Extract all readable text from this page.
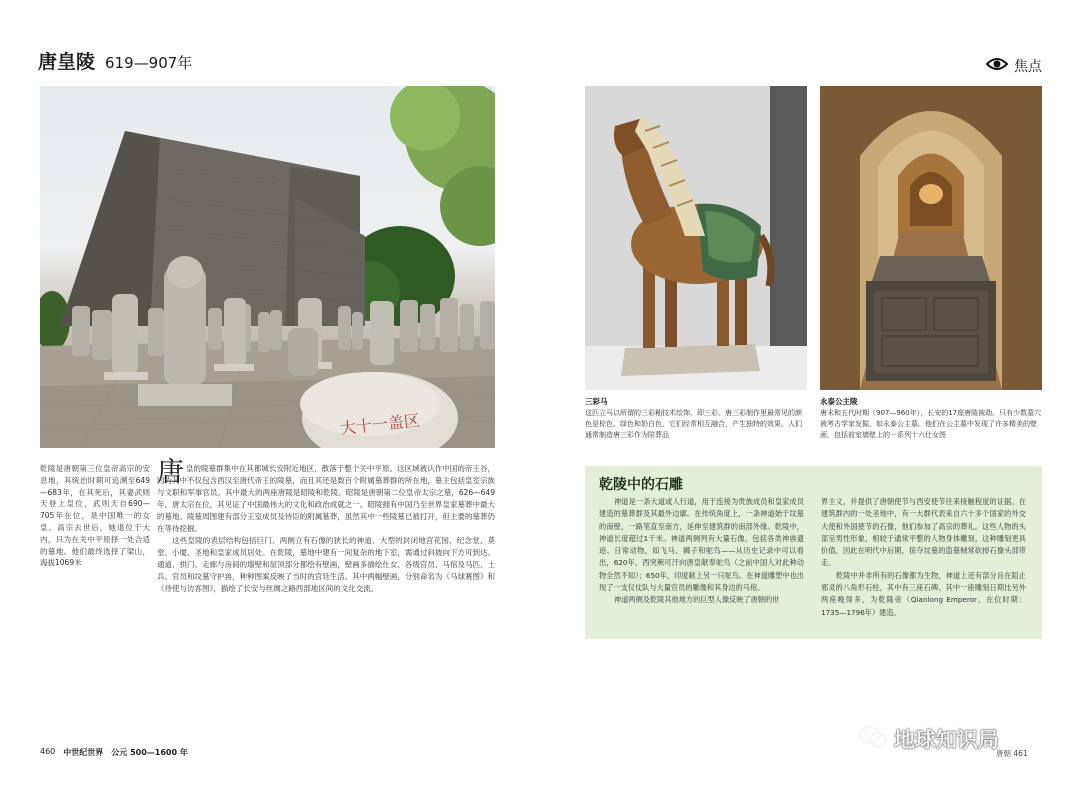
唐皇陵 619—907年	焦点
大十一盖区
三彩马
这匹立马以所谓的三彩釉技术绘饰，即三彩。唐三彩制作里最常见的颜色是棕色、绿色和奶白色，它们经常相互融合，产生独特的效果。人们通常制造唐三彩作为陪葬品
永泰公主陵
唐末和五代时期（907—960年），长安的17座唐陵被劫。只有少数墓穴被考古学家发掘，如永泰公主墓。他们在公主墓中发现了许多精美的壁画，包括前室墙壁上的一系列十六仕女图
乾陵是唐朝第三位皇帝高宗的安息地，其统治时期可追溯至649—683年，在其死后，其妻武则天登上皇位，武则天自690—705年在位，是中国唯一的女皇。高宗去世后，她退位于大内，只为在关中平原择一处合适的墓地。他们最终选择了梁山，海拔1069米
唐 皇的陵墓群集中在其都城长安附近地区，散落于整个关中平原。这区域被认作中国的帝王谷，因为其中不仅包含西汉至唐代帝王的陵墓，而且其还是数百个附属墓葬群的所在地，墓主包括皇室宗族与文职和军事官员。其中最大的两座唐陵是昭陵和乾陵。昭陵是唐朝第二位皇帝太宗之墓，626—649年，唐太宗在位，其见证了中国最伟大的文化和政治成就之一。昭陵拥有中国乃至世界皇家墓葬中最大的墓地。陵墓周围建有部分王室成员及侍臣的附属墓葬，虽然其中一些陵墓已被打开，但主要的墓葬仍在等待挖掘。

这些皇陵的表层结构包括巨门、两侧立有石像的狭长的神道、大型的封闭地宫花园、纪念堂、莫堂、小厦、圣地和皇家成员居处。在乾陵，墓地中建有一间复杂的地下室，需通过斜坡向下方可到达。通道、拱门、走廊与房间的墙壁和屋顶部分都绘有壁画，壁画多描绘仕女、各级官员、马倌及马匹、士兵、官员和坟墓守护兽，种种图案反映了当时的宫廷生活。其中两幅壁画，分别命名为《马球赛图》和《待使与访客图》，描绘了长安与丝绸之路西部地区间的文化交流。

乾陵中的石雕

神道是一条大道或人行道，用于连接为贵族成员和皇家成员建造的墓葬群及其最外边廓。在传统角度上，一条神道始于坟墓的南壁，一路笔直至南方，延伸至建筑群的南部外缘。乾陵中，神道长度超过1千米。神道两侧列有大量石像，包括各类神兽遗迹、日常动物，如飞马、狮子和驼鸟——从历史记录中可以看出，620年，西突厥可汗向唐皇献奉驼鸟（之前中国人对此种动物全然不知）；650年，印度献上另一只驼鸟。在神道雕塑中也出现了一支仪仗队与大量官员的雕像和其身边的马倌。

神道两侧及乾陵其他地方的巨型人像反映了唐朝的世

界主义，并提供了唐朝使节与西安使节往来接触程度的证据。在建筑群内的一处圣地中，有一大群代表来自六十多个国家的外交大使和外国使节的石像，他们参加了高宗的葬礼。这些人物的头部呈男性形象，相较于通常平整的人物身体雕刻，这种雕刻更具价值，因此在明代中后期，掠夺坟墓的盗墓贼常砍掉石像头部带走。

乾陵中并非所有的石像都为生物，神道上还有部分旨在阻止邪灵的八角形石柱，其中有三座石碑。其中一座雕刻日期比另外两座晚得多，为乾隆帝（Qianlong Emperor，在位时期：1735—1796年）建造。

460 中世纪世界 公元 500—1600 年
地球知识局
唐朝 461
